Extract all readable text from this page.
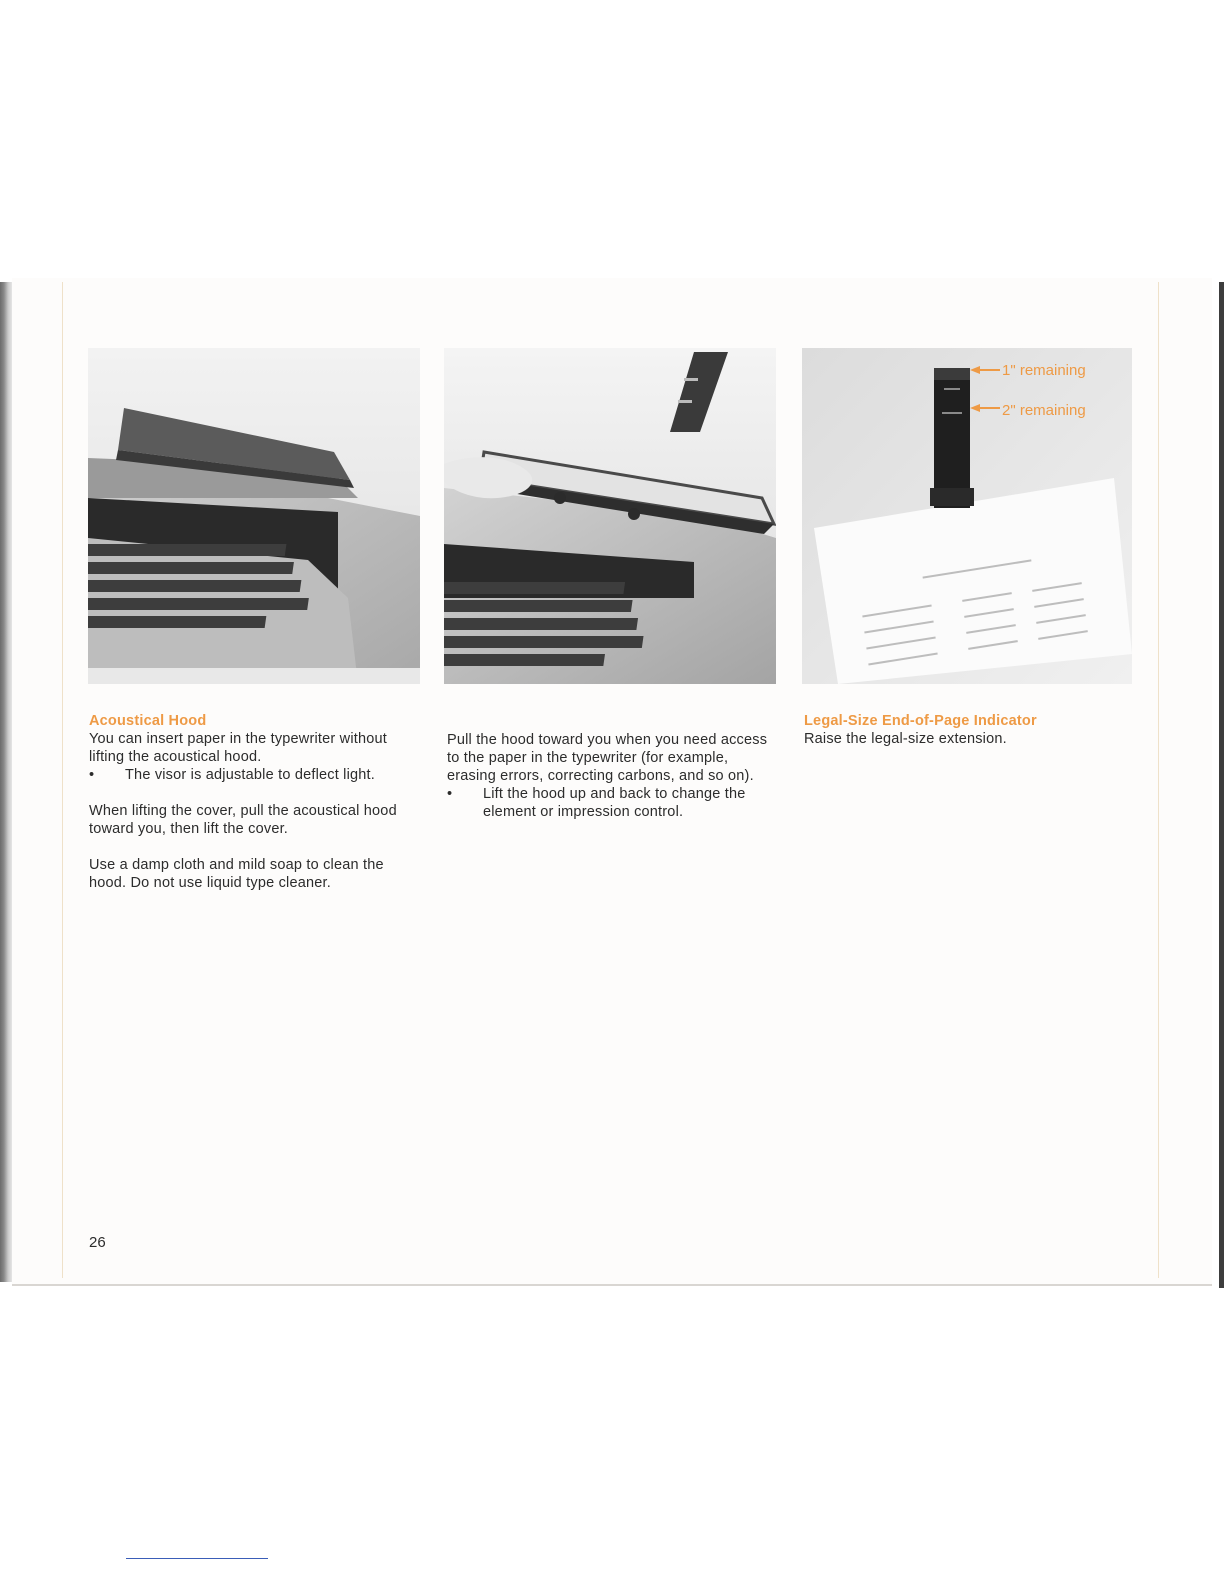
1" remaining
2" remaining

Acoustical Hood

You can insert paper in the typewriter without lifting the acoustical hood.

• The visor is adjustable to deflect light.

When lifting the cover, pull the acoustical hood toward you, then lift the cover.

Use a damp cloth and mild soap to clean the hood. Do not use liquid type cleaner.

Pull the hood toward you when you need access to the paper in the typewriter (for example, erasing errors, correcting carbons, and so on).

• Lift the hood up and back to change the element or impression control.

Legal-Size End-of-Page Indicator

Raise the legal-size extension.

26
